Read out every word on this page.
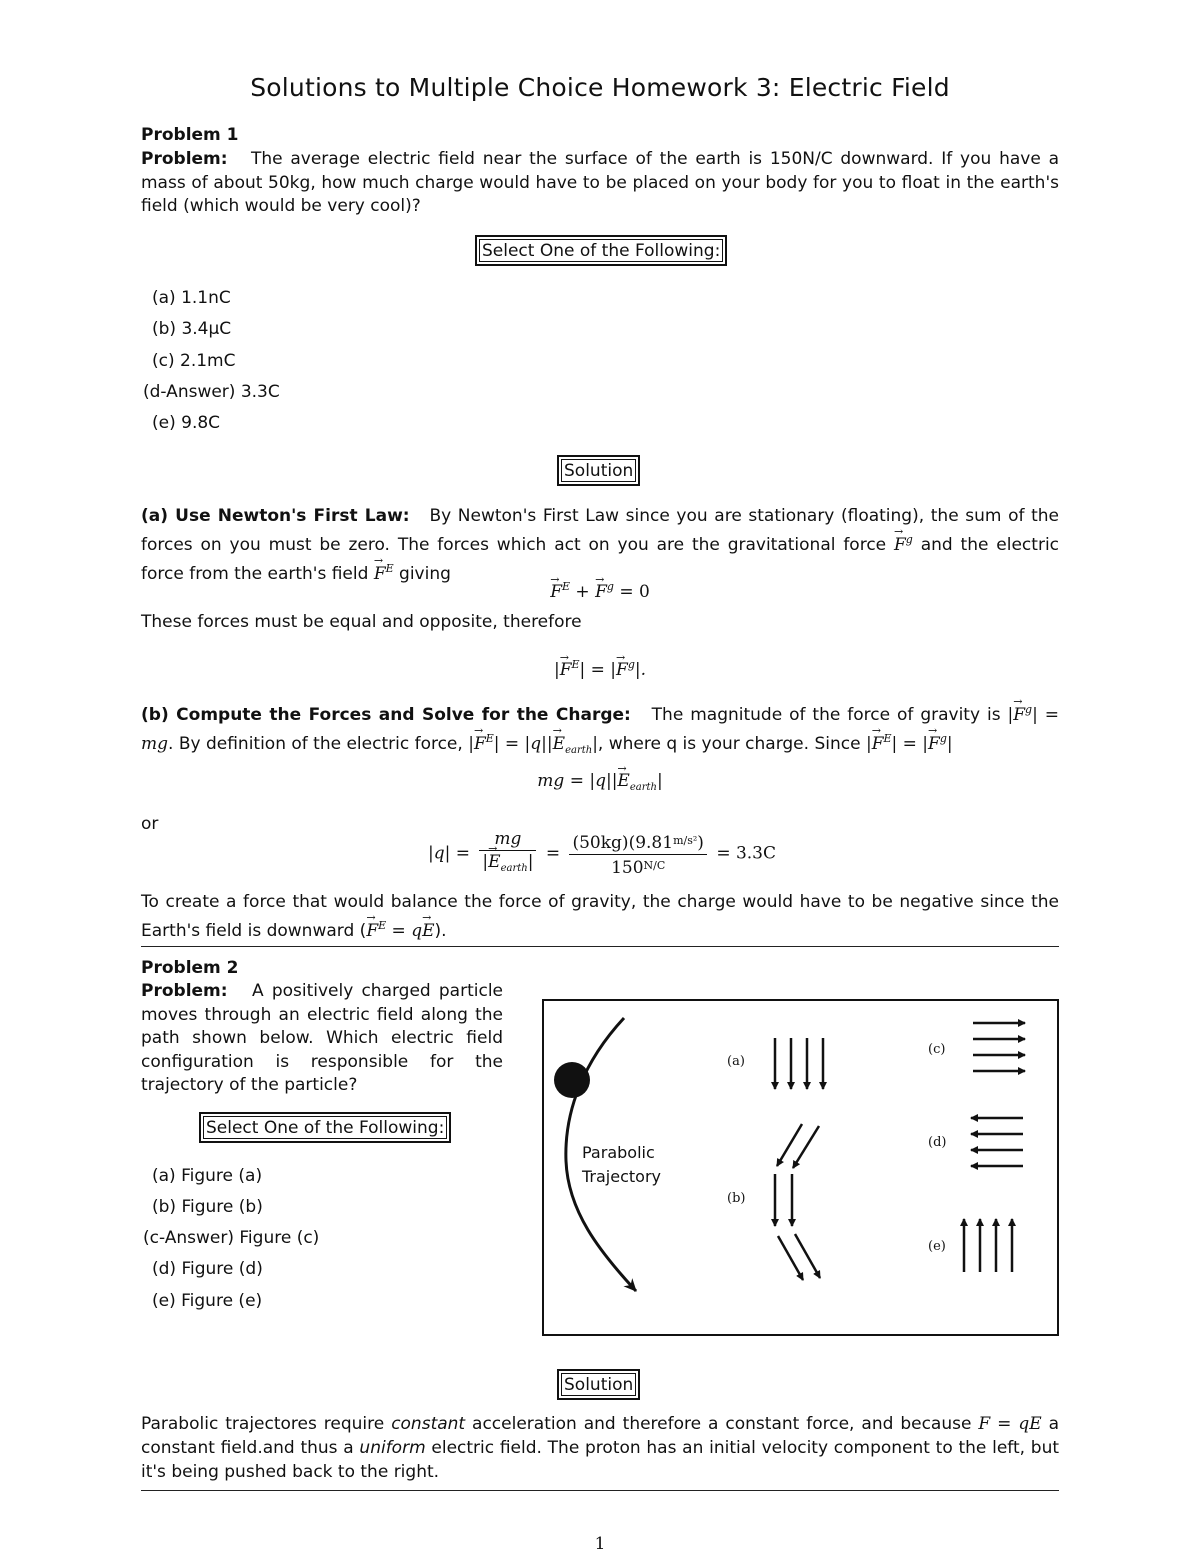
Solutions to Multiple Choice Homework 3: Electric Field
Problem 1
Problem: The average electric field near the surface of the earth is 150N/C downward. If you have a mass of about 50kg, how much charge would have to be placed on your body for you to float in the earth's field (which would be very cool)?
Select One of the Following:
(a) 1.1nC
(b) 3.4μC
(c) 2.1mC
(d-Answer) 3.3C
(e) 9.8C
Solution
(a) Use Newton's First Law: By Newton's First Law since you are stationary (floating), the sum of the forces on you must be zero. The forces which act on you are the gravitational force → $F^g$ and the electric force from the earth's field → $F^E$ giving
→ $F^E$ + → $F^g = 0$
These forces must be equal and opposite, therefore
|→ $F^E|$ = |→ $F^g|$.
(b) Compute the Forces and Solve for the Charge: The magnitude of the force of gravity is |→ $F^g|$ = mg. By definition of the electric force, |→ $F^E| = |q||\to E_{earth}|$, where q is your charge. Since |→ $F^E|$ = |→ $F^g|$
mg = $|q||\to E_{earth}|$
or
$|q| = \frac{mg}{|\to E_{earth}|} = \frac{(50kg)(9.81^{m/s^2})}{150^{N/C}} = 3.3C$
To create a force that would balance the force of gravity, the charge would have to be negative since the Earth's field is downward (→ $F^E = q\to E$).
Problem 2
Problem: A positively charged particle moves through an electric field along the path shown below. Which electric field configuration is responsible for the trajectory of the particle?
Select One of the Following:
(a) Figure (a)
(b) Figure (b)
(c-Answer) Figure (c)
(d) Figure (d)
(e) Figure (e)
Parabolic
Trajectory
(a)
(b)
(c)
(d)
(e)
Solution
Parabolic trajectores require constant acceleration and therefore a constant force, and because F = qE a constant field.and thus a uniform electric field. The proton has an initial velocity component to the left, but it's being pushed back to the right.
1
